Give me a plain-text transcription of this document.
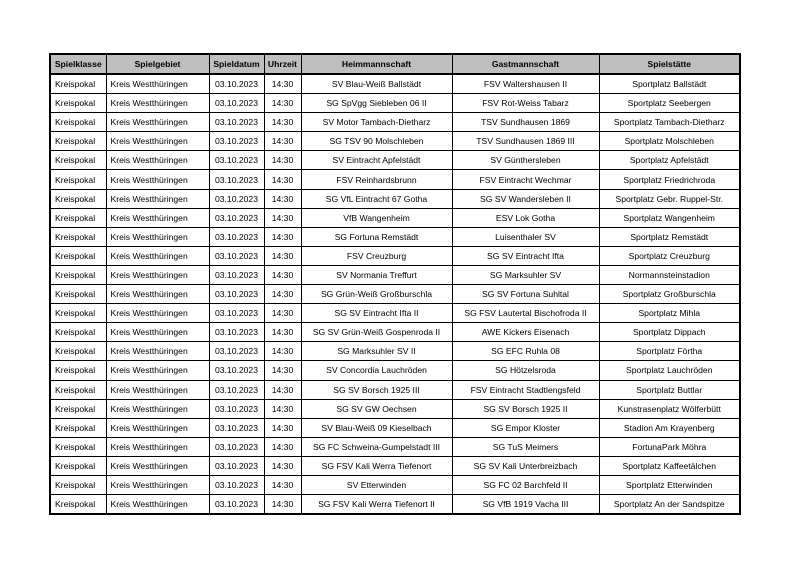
Spielklasse	Spielgebiet	Spieldatum	Uhrzeit	Heimmannschaft	Gastmannschaft	Spielstätte
Kreispokal	Kreis Westthüringen	03.10.2023	14:30	SV Blau-Weiß Ballstädt	FSV Waltershausen II	Sportplatz Ballstädt
Kreispokal	Kreis Westthüringen	03.10.2023	14:30	SG SpVgg Siebleben 06 II	FSV Rot-Weiss Tabarz	Sportplatz Seebergen
Kreispokal	Kreis Westthüringen	03.10.2023	14:30	SV Motor Tambach-Dietharz	TSV Sundhausen 1869	Sportplatz Tambach-Dietharz
Kreispokal	Kreis Westthüringen	03.10.2023	14:30	SG TSV 90 Molschleben	TSV Sundhausen 1869 III	Sportplatz Molschleben
Kreispokal	Kreis Westthüringen	03.10.2023	14:30	SV Eintracht Apfelstädt	SV Günthersleben	Sportplatz Apfelstädt
Kreispokal	Kreis Westthüringen	03.10.2023	14:30	FSV Reinhardsbrunn	FSV Eintracht Wechmar	Sportplatz Friedrichroda
Kreispokal	Kreis Westthüringen	03.10.2023	14:30	SG VfL Eintracht 67 Gotha	SG SV Wandersleben II	Sportplatz Gebr. Ruppel-Str.
Kreispokal	Kreis Westthüringen	03.10.2023	14:30	VfB Wangenheim	ESV Lok Gotha	Sportplatz Wangenheim
Kreispokal	Kreis Westthüringen	03.10.2023	14:30	SG Fortuna Remstädt	Luisenthaler SV	Sportplatz Remstädt
Kreispokal	Kreis Westthüringen	03.10.2023	14:30	FSV Creuzburg	SG SV Eintracht Ifta	Sportplatz Creuzburg
Kreispokal	Kreis Westthüringen	03.10.2023	14:30	SV Normania Treffurt	SG Marksuhler SV	Normannsteinstadion
Kreispokal	Kreis Westthüringen	03.10.2023	14:30	SG Grün-Weiß Großburschla	SG SV Fortuna Suhltal	Sportplatz Großburschla
Kreispokal	Kreis Westthüringen	03.10.2023	14:30	SG SV Eintracht Ifta II	SG FSV Lautertal Bischofroda II	Sportplatz Mihla
Kreispokal	Kreis Westthüringen	03.10.2023	14:30	SG SV Grün-Weiß Gospenroda II	AWE Kickers Eisenach	Sportplatz Dippach
Kreispokal	Kreis Westthüringen	03.10.2023	14:30	SG Marksuhler SV II	SG EFC Ruhla 08	Sportplatz Förtha
Kreispokal	Kreis Westthüringen	03.10.2023	14:30	SV Concordia Lauchröden	SG Hötzelsroda	Sportplatz Lauchröden
Kreispokal	Kreis Westthüringen	03.10.2023	14:30	SG SV Borsch 1925 III	FSV Eintracht Stadtlengsfeld	Sportplatz Buttlar
Kreispokal	Kreis Westthüringen	03.10.2023	14:30	SG SV GW Oechsen	SG SV Borsch 1925 II	Kunstrasenplatz Wölferbütt
Kreispokal	Kreis Westthüringen	03.10.2023	14:30	SV Blau-Weiß 09 Kieselbach	SG Empor Kloster	Stadion Am Krayenberg
Kreispokal	Kreis Westthüringen	03.10.2023	14:30	SG FC Schweina-Gumpelstadt III	SG TuS Meimers	FortunaPark Möhra
Kreispokal	Kreis Westthüringen	03.10.2023	14:30	SG FSV Kali Werra Tiefenort	SG SV Kali Unterbreizbach	Sportplatz Kaffeetälchen
Kreispokal	Kreis Westthüringen	03.10.2023	14:30	SV Etterwinden	SG FC 02 Barchfeld II	Sportplatz Etterwinden
Kreispokal	Kreis Westthüringen	03.10.2023	14:30	SG FSV Kali Werra Tiefenort II	SG VfB 1919 Vacha III	Sportplatz An der Sandspitze
